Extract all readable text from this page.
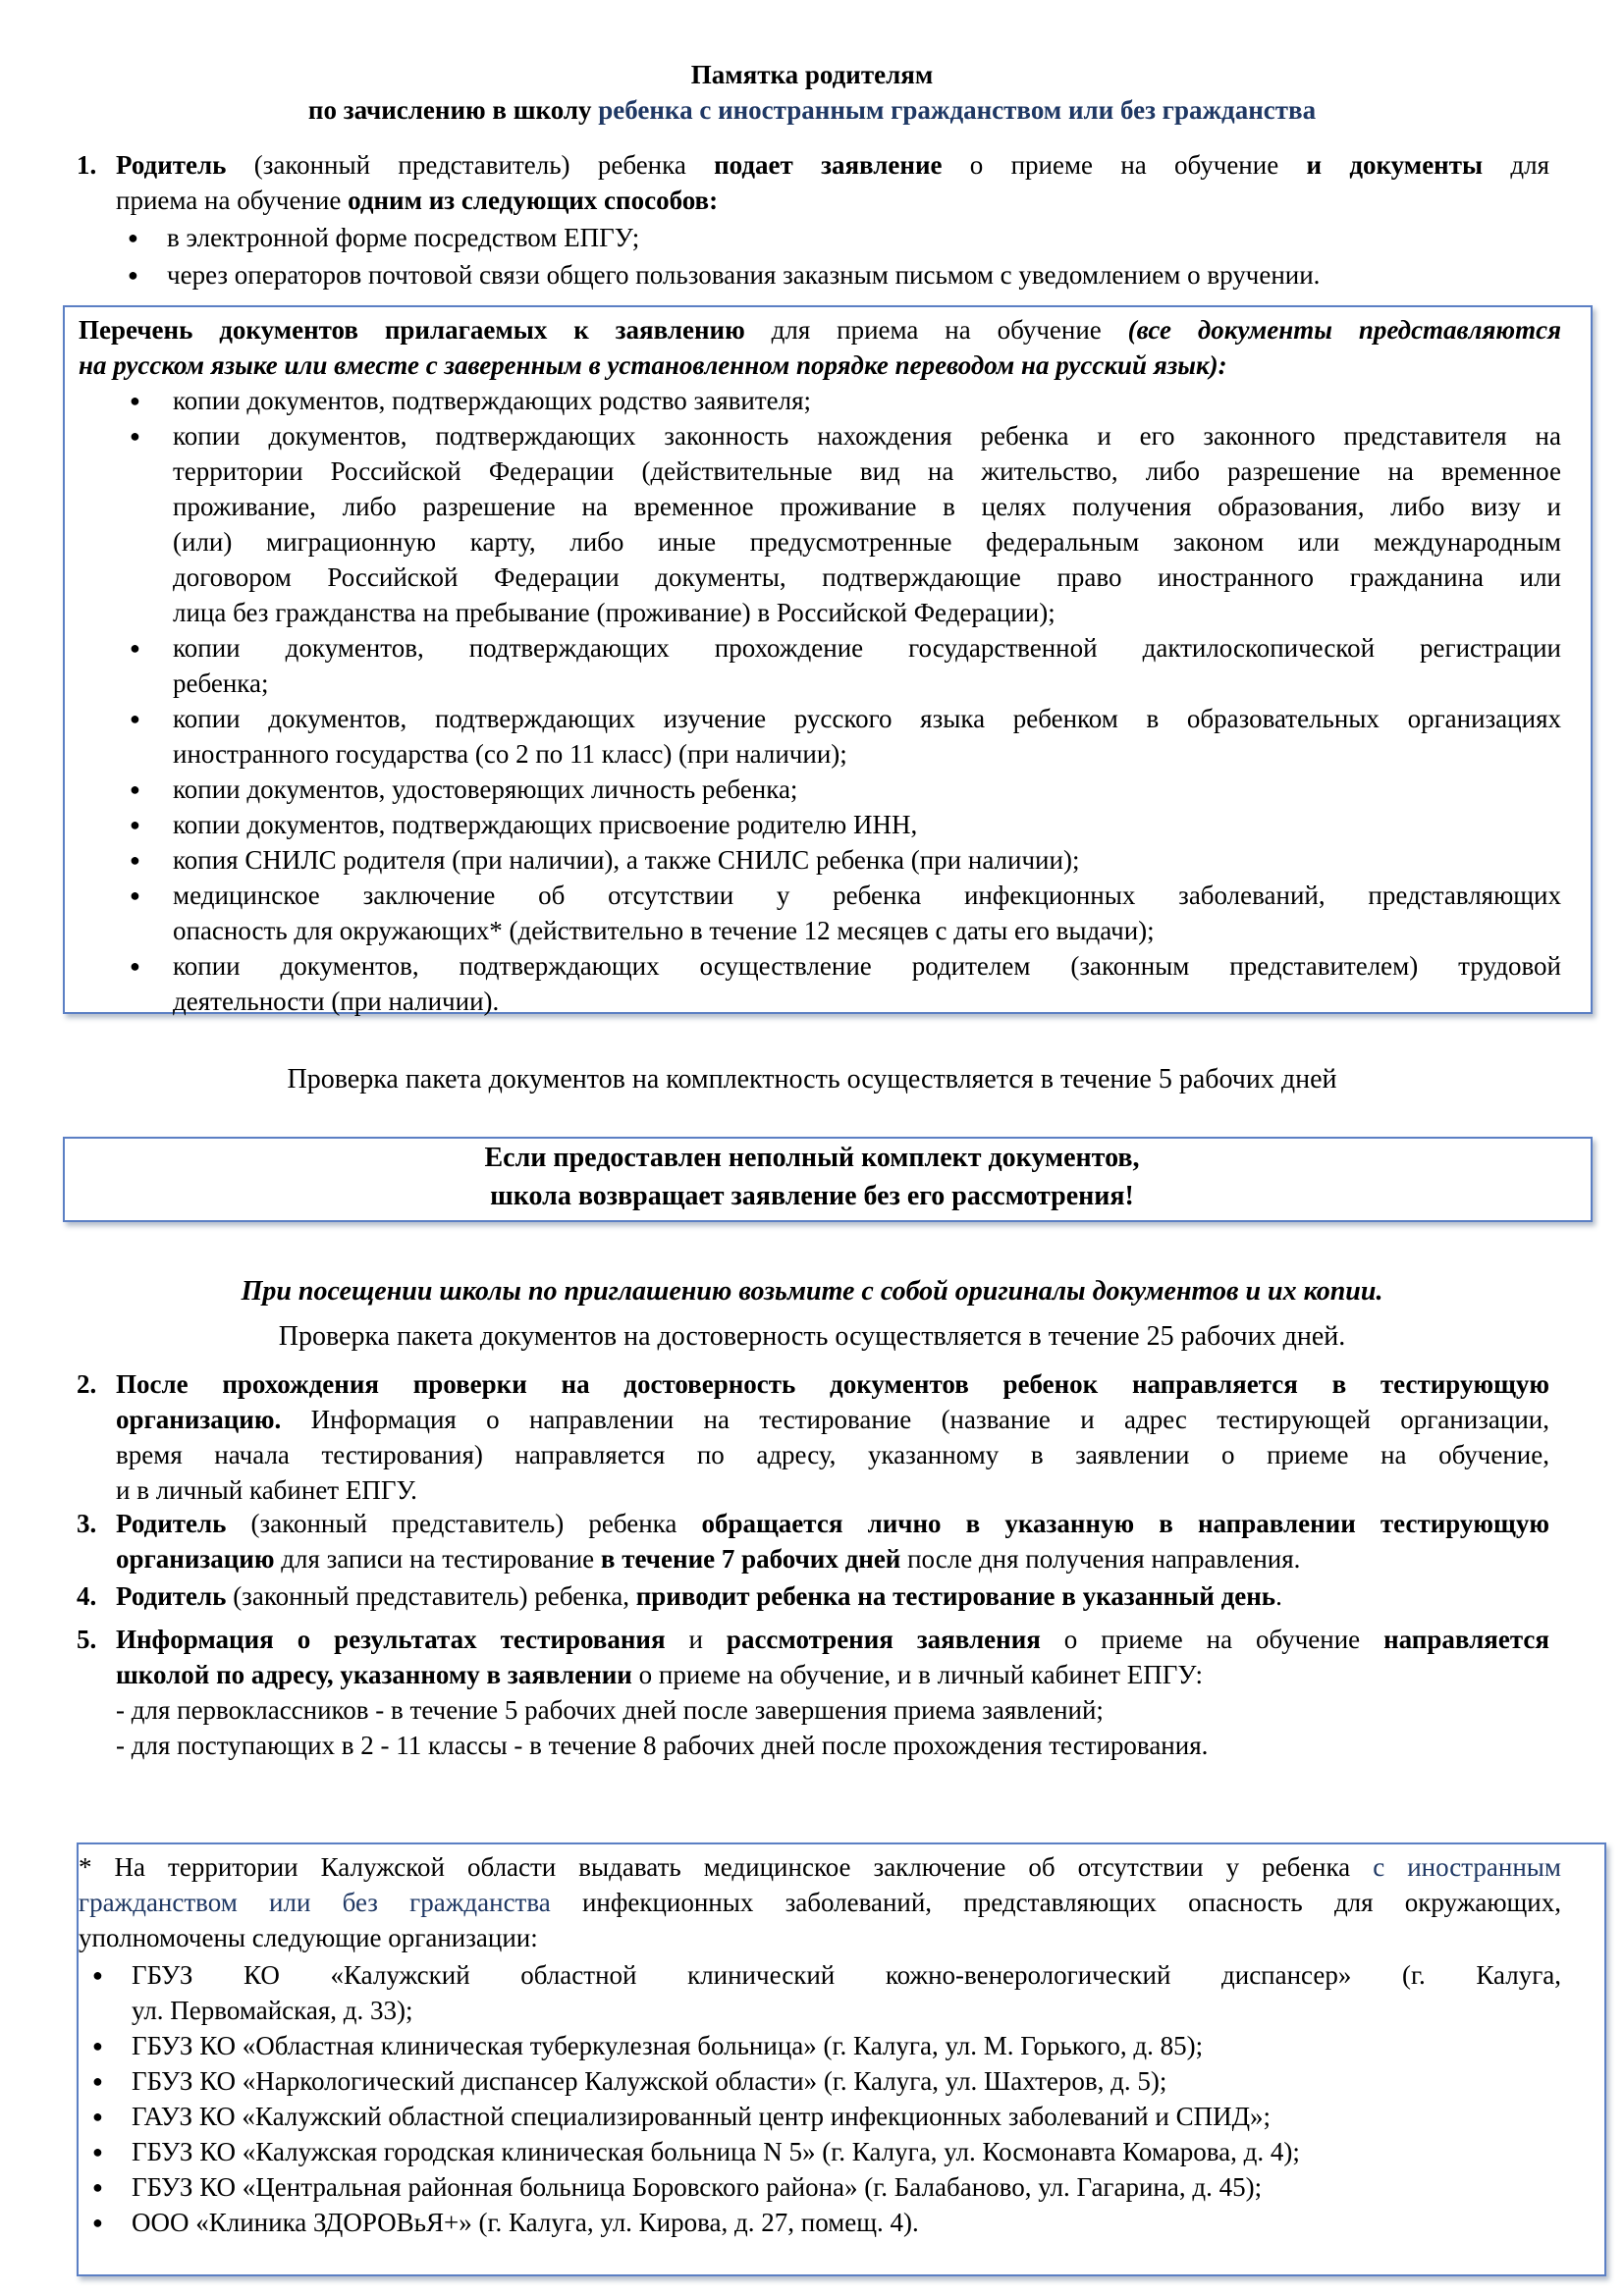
Памятка родителям
по зачислению в школу ребенка с иностранным гражданством или без гражданства
1. Родитель (законный представитель) ребенка подает заявление о приеме на обучение и документы для
приема на обучение одним из следующих способов:
● в электронной форме посредством ЕПГУ;
● через операторов почтовой связи общего пользования заказным письмом с уведомлением о вручении.
Перечень документов прилагаемых к заявлению для приема на обучение (все документы представляются
на русском языке или вместе с заверенным в установленном порядке переводом на русский язык):
● копии документов, подтверждающих родство заявителя;
● копии документов, подтверждающих законность нахождения ребенка и его законного представителя на
территории Российской Федерации (действительные вид на жительство, либо разрешение на временное
проживание, либо разрешение на временное проживание в целях получения образования, либо визу и
(или) миграционную карту, либо иные предусмотренные федеральным законом или международным
договором Российской Федерации документы, подтверждающие право иностранного гражданина или
лица без гражданства на пребывание (проживание) в Российской Федерации);
● копии документов, подтверждающих прохождение государственной дактилоскопической регистрации
ребенка;
● копии документов, подтверждающих изучение русского языка ребенком в образовательных организациях
иностранного государства (со 2 по 11 класс) (при наличии);
● копии документов, удостоверяющих личность ребенка;
● копии документов, подтверждающих присвоение родителю ИНН,
● копия СНИЛС родителя (при наличии), а также СНИЛС ребенка (при наличии);
● медицинское заключение об отсутствии у ребенка инфекционных заболеваний, представляющих
опасность для окружающих* (действительно в течение 12 месяцев с даты его выдачи);
● копии документов, подтверждающих осуществление родителем (законным представителем) трудовой
деятельности (при наличии).
Проверка пакета документов на комплектность осуществляется в течение 5 рабочих дней
Если предоставлен неполный комплект документов,
школа возвращает заявление без его рассмотрения!
При посещении школы по приглашению возьмите с собой оригиналы документов и их копии.
Проверка пакета документов на достоверность осуществляется в течение 25 рабочих дней.
2. После прохождения проверки на достоверность документов ребенок направляется в тестирующую
организацию. Информация о направлении на тестирование (название и адрес тестирующей организации,
время начала тестирования) направляется по адресу, указанному в заявлении о приеме на обучение,
и в личный кабинет ЕПГУ.
3. Родитель (законный представитель) ребенка обращается лично в указанную в направлении тестирующую
организацию для записи на тестирование в течение 7 рабочих дней после дня получения направления.
4. Родитель (законный представитель) ребенка, приводит ребенка на тестирование в указанный день.
5. Информация о результатах тестирования и рассмотрения заявления о приеме на обучение направляется
школой по адресу, указанному в заявлении о приеме на обучение, и в личный кабинет ЕПГУ:
- для первоклассников - в течение 5 рабочих дней после завершения приема заявлений;
- для поступающих в 2 - 11 классы - в течение 8 рабочих дней после прохождения тестирования.
* На территории Калужской области выдавать медицинское заключение об отсутствии у ребенка с иностранным
гражданством или без гражданства инфекционных заболеваний, представляющих опасность для окружающих,
уполномочены следующие организации:
● ГБУЗ КО «Калужский областной клинический кожно-венерологический диспансер» (г. Калуга,
ул. Первомайская, д. 33);
● ГБУЗ КО «Областная клиническая туберкулезная больница» (г. Калуга, ул. М. Горького, д. 85);
● ГБУЗ КО «Наркологический диспансер Калужской области» (г. Калуга, ул. Шахтеров, д. 5);
● ГАУЗ КО «Калужский областной специализированный центр инфекционных заболеваний и СПИД»;
● ГБУЗ КО «Калужская городская клиническая больница N 5» (г. Калуга, ул. Космонавта Комарова, д. 4);
● ГБУЗ КО «Центральная районная больница Боровского района» (г. Балабаново, ул. Гагарина, д. 45);
● ООО «Клиника ЗДОРОВьЯ+» (г. Калуга, ул. Кирова, д. 27, помещ. 4).
